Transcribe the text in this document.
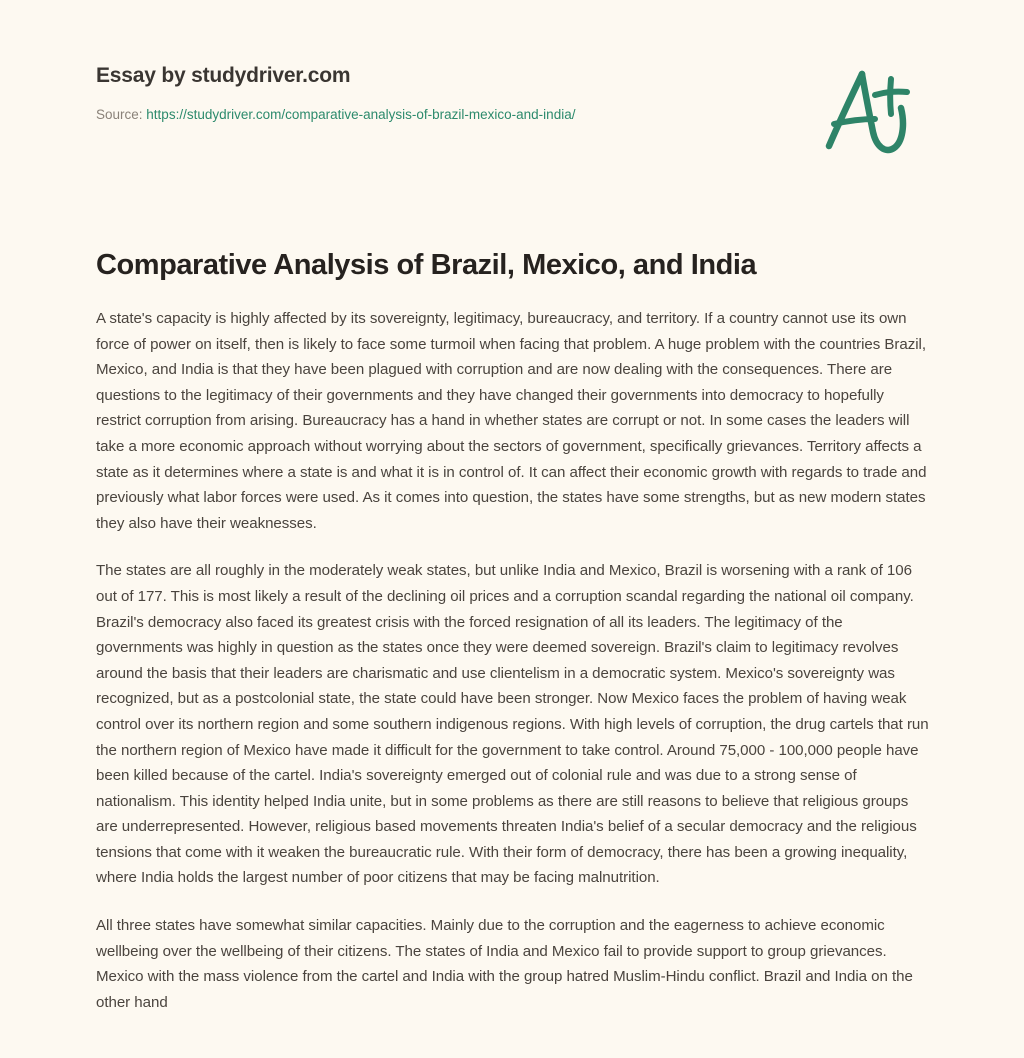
Essay by studydriver.com
Source: https://studydriver.com/comparative-analysis-of-brazil-mexico-and-india/
Comparative Analysis of Brazil, Mexico, and India

A state's capacity is highly affected by its sovereignty, legitimacy, bureaucracy, and territory. If a country cannot use its own force of power on itself, then is likely to face some turmoil when facing that problem. A huge problem with the countries Brazil, Mexico, and India is that they have been plagued with corruption and are now dealing with the consequences. There are questions to the legitimacy of their governments and they have changed their governments into democracy to hopefully restrict corruption from arising. Bureaucracy has a hand in whether states are corrupt or not. In some cases the leaders will take a more economic approach without worrying about the sectors of government, specifically grievances. Territory affects a state as it determines where a state is and what it is in control of. It can affect their economic growth with regards to trade and previously what labor forces were used. As it comes into question, the states have some strengths, but as new modern states they also have their weaknesses.

The states are all roughly in the moderately weak states, but unlike India and Mexico, Brazil is worsening with a rank of 106 out of 177. This is most likely a result of the declining oil prices and a corruption scandal regarding the national oil company. Brazil's democracy also faced its greatest crisis with the forced resignation of all its leaders. The legitimacy of the governments was highly in question as the states once they were deemed sovereign. Brazil's claim to legitimacy revolves around the basis that their leaders are charismatic and use clientelism in a democratic system. Mexico's sovereignty was recognized, but as a postcolonial state, the state could have been stronger. Now Mexico faces the problem of having weak control over its northern region and some southern indigenous regions. With high levels of corruption, the drug cartels that run the northern region of Mexico have made it difficult for the government to take control. Around 75,000 - 100,000 people have been killed because of the cartel. India's sovereignty emerged out of colonial rule and was due to a strong sense of nationalism. This identity helped India unite, but in some problems as there are still reasons to believe that religious groups are underrepresented. However, religious based movements threaten India's belief of a secular democracy and the religious tensions that come with it weaken the bureaucratic rule. With their form of democracy, there has been a growing inequality, where India holds the largest number of poor citizens that may be facing malnutrition.

All three states have somewhat similar capacities. Mainly due to the corruption and the eagerness to achieve economic wellbeing over the wellbeing of their citizens. The states of India and Mexico fail to provide support to group grievances. Mexico with the mass violence from the cartel and India with the group hatred Muslim-Hindu conflict. Brazil and India on the other hand
